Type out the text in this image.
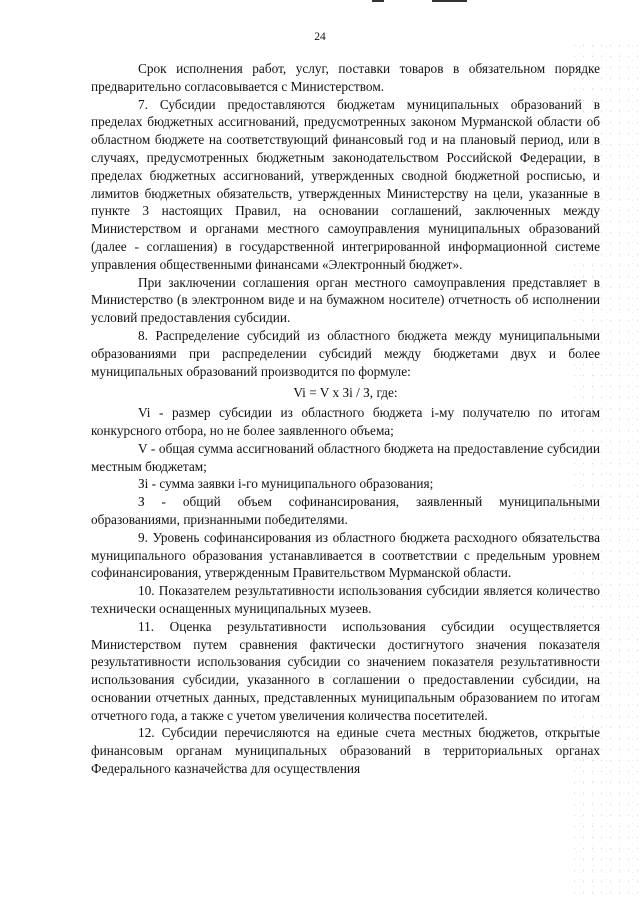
24

Срок исполнения работ, услуг, поставки товаров в обязательном порядке предварительно согласовывается с Министерством.

7. Субсидии предоставляются бюджетам муниципальных образований в пределах бюджетных ассигнований, предусмотренных законом Мурманской области об областном бюджете на соответствующий финансовый год и на плановый период, или в случаях, предусмотренных бюджетным законодательством Российской Федерации, в пределах бюджетных ассигнований, утвержденных сводной бюджетной росписью, и лимитов бюджетных обязательств, утвержденных Министерству на цели, указанные в пункте 3 настоящих Правил, на основании соглашений, заключенных между Министерством и органами местного самоуправления муниципальных образований (далее - соглашения) в государственной интегрированной информационной системе управления общественными финансами «Электронный бюджет».

При заключении соглашения орган местного самоуправления представляет в Министерство (в электронном виде и на бумажном носителе) отчетность об исполнении условий предоставления субсидии.

8. Распределение субсидий из областного бюджета между муниципальными образованиями при распределении субсидий между бюджетами двух и более муниципальных образований производится по формуле:

Vi = V x Зi / З, где:

Vi - размер субсидии из областного бюджета i-му получателю по итогам конкурсного отбора, но не более заявленного объема;

V - общая сумма ассигнований областного бюджета на предоставление субсидии местным бюджетам;

Зi - сумма заявки i-го муниципального образования;

З - общий объем софинансирования, заявленный муниципальными образованиями, признанными победителями.

9. Уровень софинансирования из областного бюджета расходного обязательства муниципального образования устанавливается в соответствии с предельным уровнем софинансирования, утвержденным Правительством Мурманской области.

10. Показателем результативности использования субсидии является количество технически оснащенных муниципальных музеев.

11. Оценка результативности использования субсидии осуществляется Министерством путем сравнения фактически достигнутого значения показателя результативности использования субсидии со значением показателя результативности использования субсидии, указанного в соглашении о предоставлении субсидии, на основании отчетных данных, представленных муниципальным образованием по итогам отчетного года, а также с учетом увеличения количества посетителей.

12. Субсидии перечисляются на единые счета местных бюджетов, открытые финансовым органам муниципальных образований в территориальных органах Федерального казначейства для осуществления
